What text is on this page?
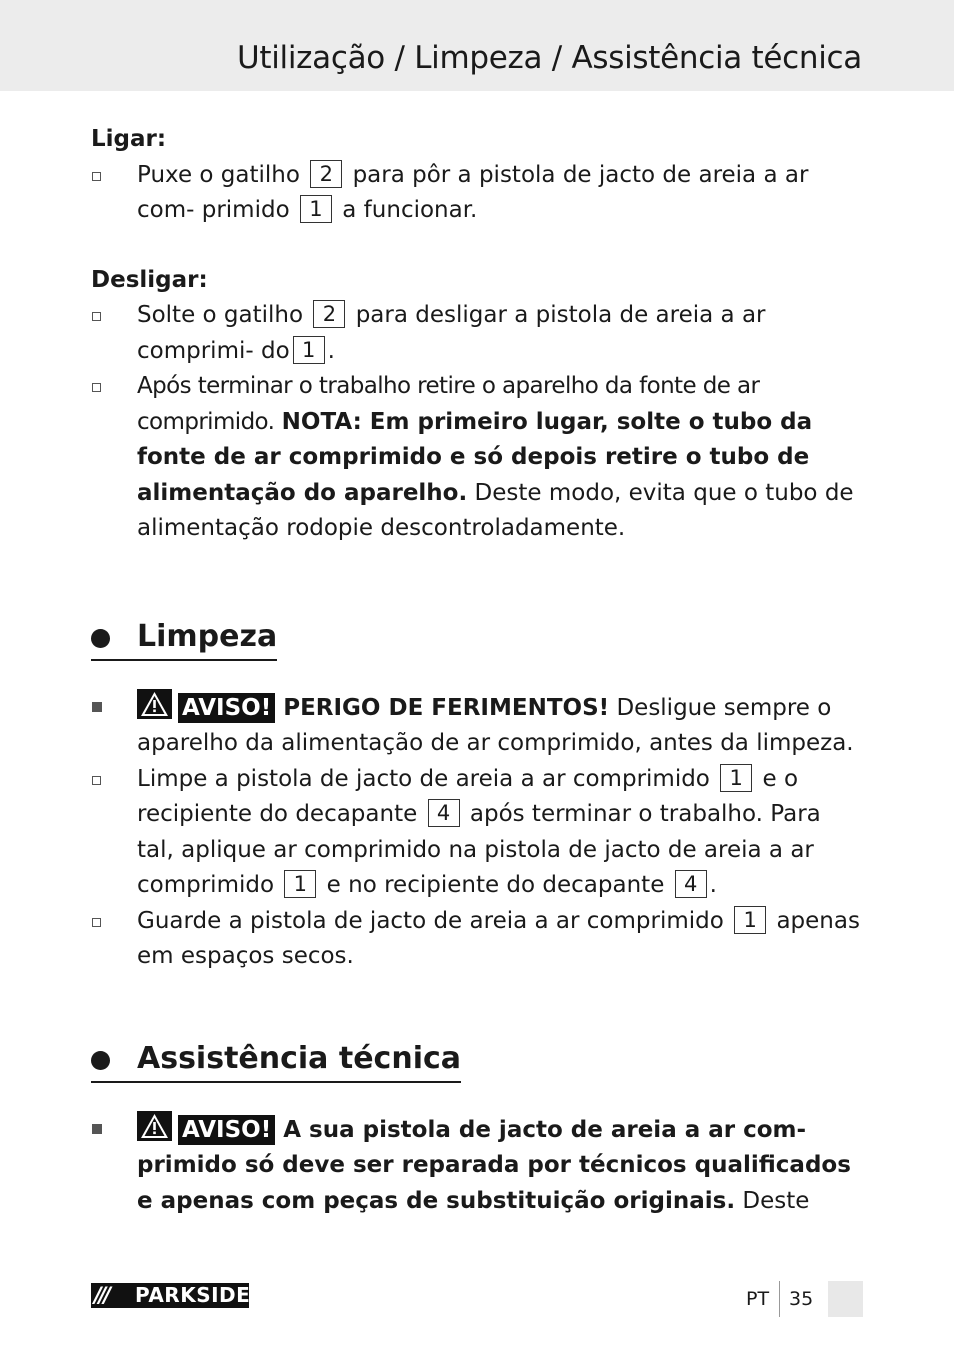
Utilização / Limpeza / Assistência técnica

Ligar:

Puxe o gatilho 2 para pôr a pistola de jacto de areia a ar com- primido 1 a funcionar.

Desligar:

Solte o gatilho 2 para desligar a pistola de areia a ar comprimi- do 1 .
Após terminar o trabalho retire o aparelho da fonte de ar comprimido. NOTA: Em primeiro lugar, solte o tubo da fonte de ar comprimido e só depois retire o tubo de alimentação do aparelho. Deste modo, evita que o tubo de alimentação rodopie descontroladamente.
Limpeza
AVISO! PERIGO DE FERIMENTOS! Desligue sempre o aparelho da alimentação de ar comprimido, antes da limpeza.
Limpe a pistola de jacto de areia a ar comprimido 1 e o recipiente do decapante 4 após terminar o trabalho. Para tal, aplique ar comprimido na pistola de jacto de areia a ar comprimido 1 e no recipiente do decapante 4 .
Guarde a pistola de jacto de areia a ar comprimido 1 apenas em espaços secos.
Assistência técnica
AVISO! A sua pistola de jacto de areia a ar com-primido só deve ser reparada por técnicos qualificados e apenas com peças de substituição originais. Deste
/// PARKSIDE	PT 35
